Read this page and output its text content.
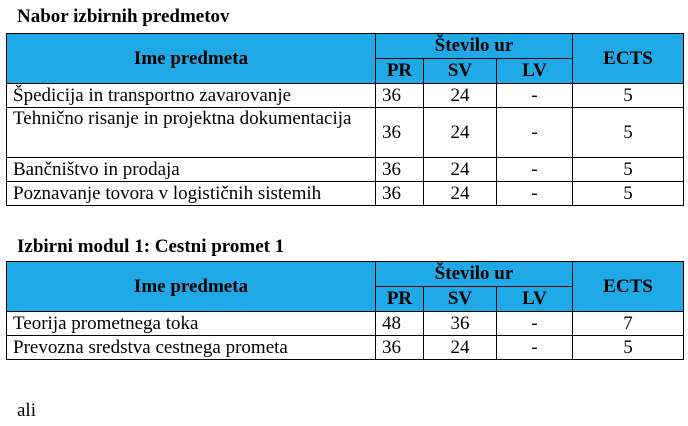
Nabor izbirnih predmetov
Ime predmeta	Število ur			ECTS
	PR	SV	LV	
Špedicija in transportno zavarovanje	36	24	-	5
Tehnično risanje in projektna dokumentacija	36	24	-	5
Bančništvo in prodaja	36	24	-	5
Poznavanje tovora v logističnih sistemih	36	24	-	5
Izbirni modul 1: Cestni promet 1
Ime predmeta	Število ur			ECTS
	PR	SV	LV	
Teorija prometnega toka	48	36	-	7
Prevozna sredstva cestnega prometa	36	24	-	5
ali
